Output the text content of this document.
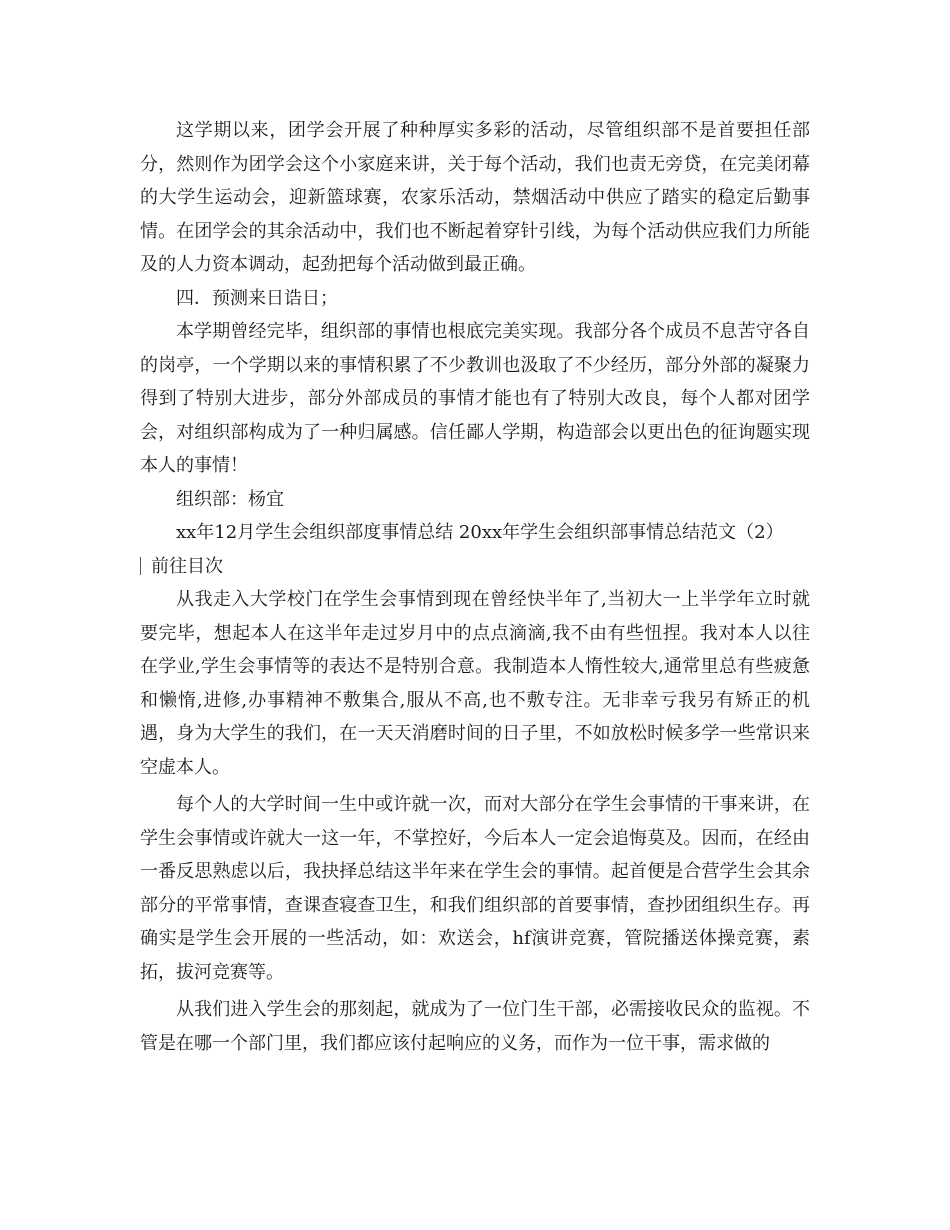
这学期以来，团学会开展了种种厚实多彩的活动，尽管组织部不是首要担任部分，然则作为团学会这个小家庭来讲，关于每个活动，我们也责无旁贷，在完美闭幕的大学生运动会，迎新篮球赛，农家乐活动，禁烟活动中供应了踏实的稳定后勤事情。在团学会的其余活动中，我们也不断起着穿针引线，为每个活动供应我们力所能及的人力资本调动，起劲把每个活动做到最正确。

四．预测来日诰日；

本学期曾经完毕，组织部的事情也根底完美实现。我部分各个成员不息苦守各自的岗亭，一个学期以来的事情积累了不少教训也汲取了不少经历，部分外部的凝聚力得到了特别大进步，部分外部成员的事情才能也有了特别大改良，每个人都对团学会，对组织部构成为了一种归属感。信任鄙人学期，构造部会以更出色的征询题实现本人的事情！

组织部：杨宜

xx年12月学生会组织部度事情总结 20xx年学生会组织部事情总结范文（2）

前往目次

从我走入大学校门在学生会事情到现在曾经快半年了,当初大一上半学年立时就要完毕，想起本人在这半年走过岁月中的点点滴滴,我不由有些忸捏。我对本人以往在学业,学生会事情等的表达不是特别合意。我制造本人惰性较大,通常里总有些疲惫和懒惰,进修,办事精神不敷集合,服从不高,也不敷专注。无非幸亏我另有矫正的机遇，身为大学生的我们，在一天天消磨时间的日子里，不如放松时候多学一些常识来空虚本人。

每个人的大学时间一生中或许就一次，而对大部分在学生会事情的干事来讲，在学生会事情或许就大一这一年，不掌控好，今后本人一定会追悔莫及。因而，在经由一番反思熟虑以后，我抉择总结这半年来在学生会的事情。起首便是合营学生会其余部分的平常事情，查课查寝查卫生，和我们组织部的首要事情，查抄团组织生存。再确实是学生会开展的一些活动，如：欢送会，hf演讲竞赛，管院播送体操竞赛，素拓，拔河竞赛等。

从我们进入学生会的那刻起，就成为了一位门生干部，必需接收民众的监视。不管是在哪一个部门里，我们都应该付起响应的义务，而作为一位干事，需求做的
